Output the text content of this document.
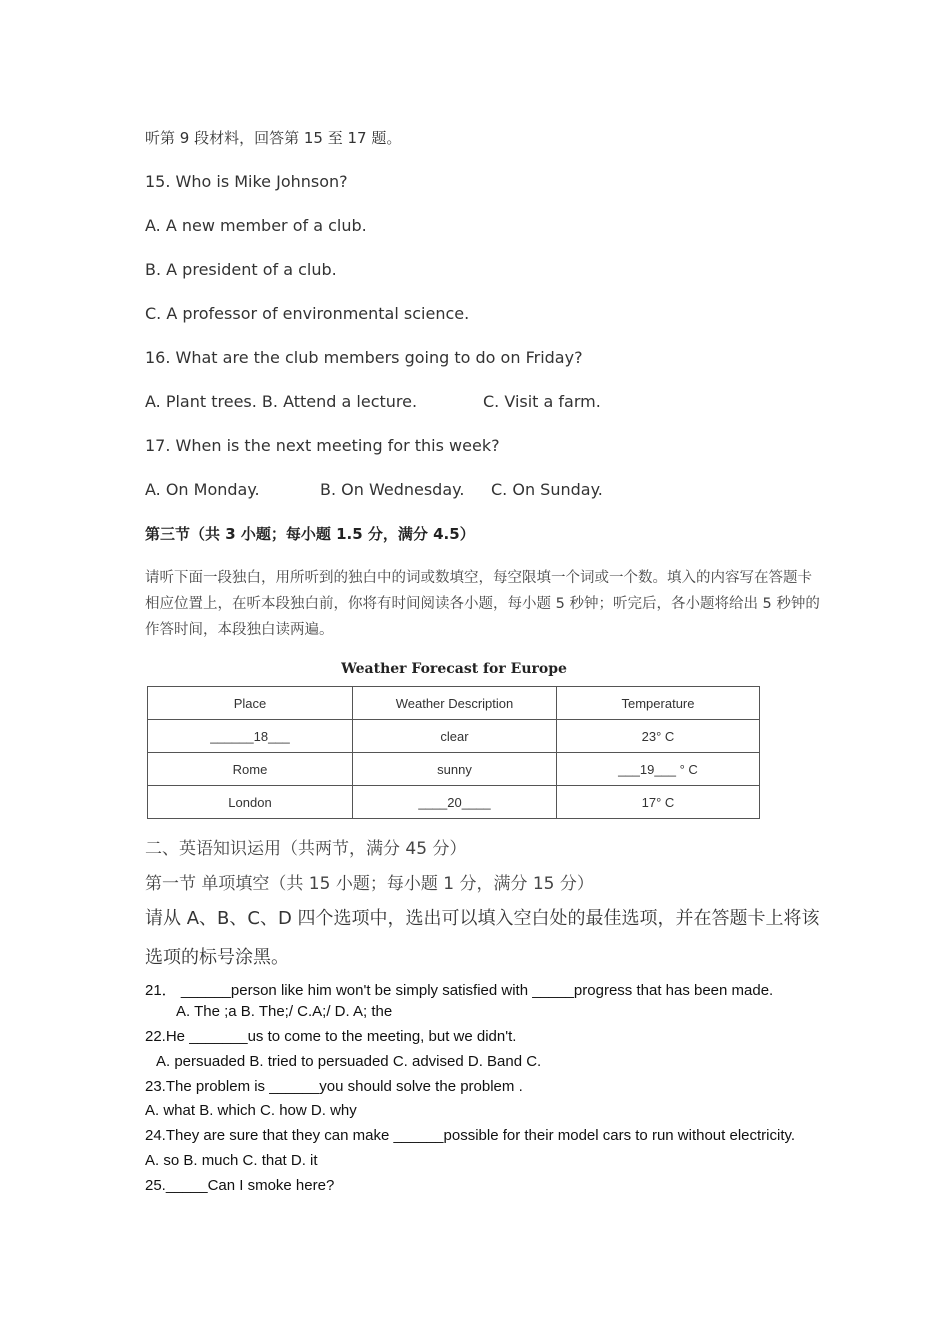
听第 9 段材料，回答第 15 至 17 题。
15. Who is Mike Johnson?
A. A new member of a club.
B. A president of a club.
C. A professor of environmental science.
16. What are the club members going to do on Friday?
A. Plant trees. B. Attend a lecture.	C. Visit a farm.
17. When is the next meeting for this week?
A. On Monday.	B. On Wednesday. C. On Sunday.
第三节（共 3 小题；每小题 1.5 分，满分 4.5）
请听下面一段独白，用所听到的独白中的词或数填空，每空限填一个词或一个数。填入的内容写在答题卡相应位置上，在听本段独白前，你将有时间阅读各小题，每小题 5 秒钟；听完后，各小题将给出 5 秒钟的作答时间，本段独白读两遍。
Weather Forecast for Europe
Place	Weather Description	Temperature
______18___	clear	23° C
Rome	sunny	___19___ ° C
London	____20____	17° C
二、英语知识运用（共两节，满分 45 分）
第一节 单项填空（共 15 小题；每小题 1 分，满分 15 分）
请从 A、B、C、D 四个选项中，选出可以填入空白处的最佳选项，并在答题卡上将该
选项的标号涂黑。
21． ______person like him won't be simply satisfied with _____progress that has been made.
A. The ;a B. The;/ C.A;/ D. A; the
22.He _______us to come to the meeting, but we didn't.
A. persuaded B. tried to persuaded C. advised D. Band C.
23.The problem is ______you should solve the problem .
A. what B. which C. how D. why
24.They are sure that they can make ______possible for their model cars to run without electricity.
A. so B. much C. that D. it
25._____Can I smoke here?
